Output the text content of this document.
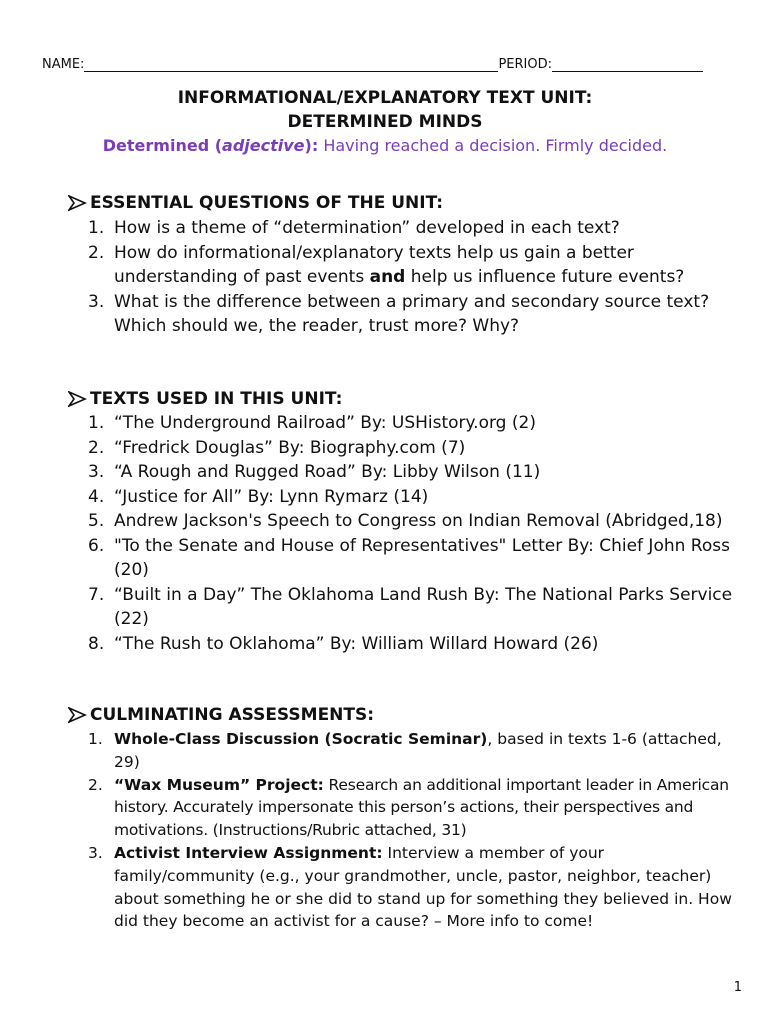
NAME:	PERIOD:
INFORMATIONAL/EXPLANATORY TEXT UNIT:
DETERMINED MINDS
Determined (adjective): Having reached a decision. Firmly decided.
ESSENTIAL QUESTIONS OF THE UNIT:
1. How is a theme of “determination” developed in each text?
2. How do informational/explanatory texts help us gain a better understanding of past events and help us influence future events?
3. What is the difference between a primary and secondary source text? Which should we, the reader, trust more? Why?
TEXTS USED IN THIS UNIT:
1. “The Underground Railroad” By: USHistory.org (2)
2. “Fredrick Douglas” By: Biography.com (7)
3. “A Rough and Rugged Road” By: Libby Wilson (11)
4. “Justice for All” By: Lynn Rymarz (14)
5. Andrew Jackson's Speech to Congress on Indian Removal (Abridged,18)
6. "To the Senate and House of Representatives" Letter By: Chief John Ross (20)
7. “Built in a Day” The Oklahoma Land Rush By: The National Parks Service (22)
8. “The Rush to Oklahoma” By: William Willard Howard (26)
CULMINATING ASSESSMENTS:
1. Whole-Class Discussion (Socratic Seminar), based in texts 1-6 (attached, 29)
2. “Wax Museum” Project: Research an additional important leader in American history. Accurately impersonate this person’s actions, their perspectives and motivations. (Instructions/Rubric attached, 31)
3. Activist Interview Assignment: Interview a member of your family/community (e.g., your grandmother, uncle, pastor, neighbor, teacher) about something he or she did to stand up for something they believed in. How did they become an activist for a cause? – More info to come!
1
